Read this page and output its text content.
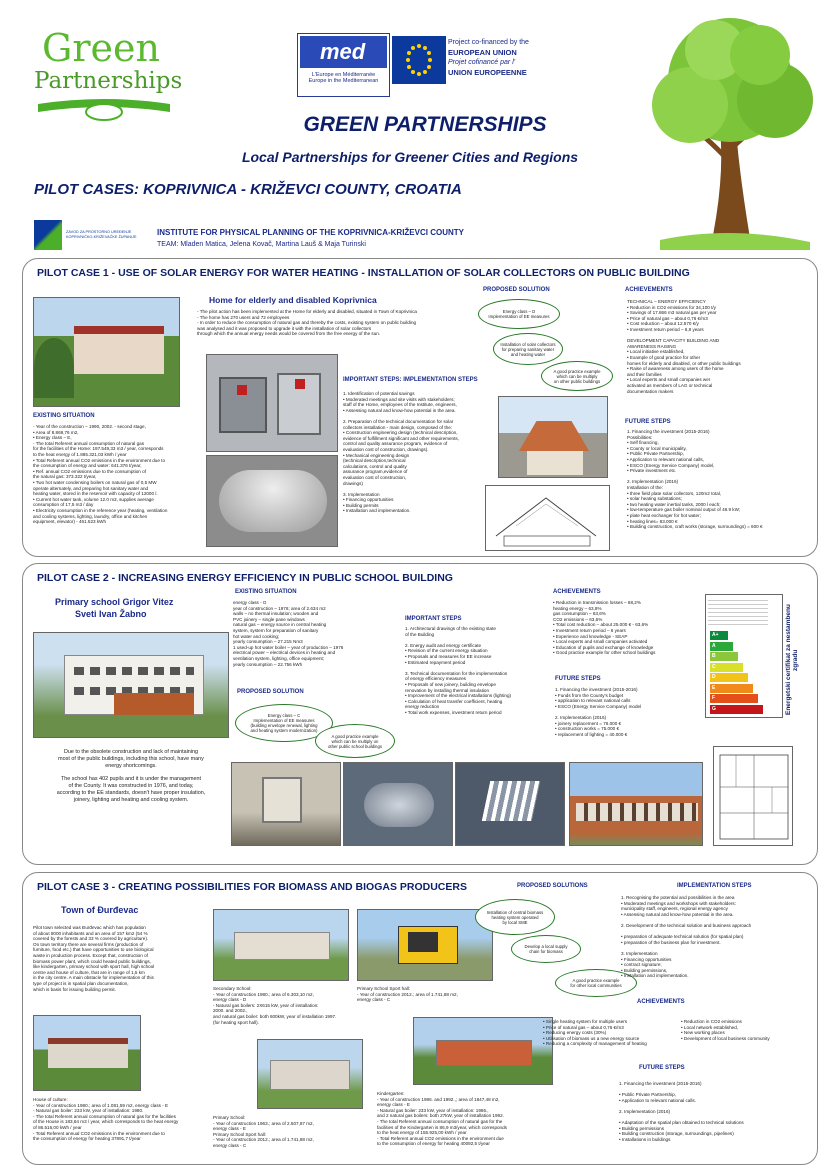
Green
Partnerships
med
L'Europe en Méditerranée
Europe in the Mediterranean
Project co-financed by the
EUROPEAN UNION
Projet cofinancé par l'
UNION EUROPEENNE
GREEN PARTNERSHIPS
Local Partnerships for Greener Cities and Regions
PILOT CASES: KOPRIVNICA - KRIŽEVCI COUNTY, CROATIA
ZAVOD ZA PROSTORNO UREĐENJE KOPRIVNIČKO-KRIŽEVAČKE ŽUPANIJE	INSTITUTE FOR PHYSICAL PLANNING OF THE KOPRIVNICA-KRIŽEVCI COUNTY
TEAM: Mladen Matica, Jelena Kovač, Martina Lauš & Maja Turinski
PILOT CASE 1 - USE OF SOLAR ENERGY FOR WATER HEATING - INSTALLATION OF SOLAR COLLECTORS ON PUBLIC BUILDING
EXISTING SITUATION
- Year of the construction – 1990, 2002. - second stage,
• Area of 8.869,76 m2,
• Energy class – E,
- The total Referent annual consumption of natural gas
for the facilities of the Home: 197.549,33 m3 / year, corresponds
to the heat energy of 1.885.321,03 kWh / year
• Total Referent annual CO2 emissions in the environment due to
the consumption of energy and water: 641.376 t/year,
• Ref. annual CO2 emissions due to the consumption of
the natural gas: 373.322 t/year,
• Two hot water condensing boilers on natural gas of 0,5 MW
operate alternately, and preparing hot sanitary water and
heating water, stored in the reservoir with capacity of 12000 l.
• Current hot water tank, volume 12.0 m3, supplies average
consumption of 17,5 m3 / day
• Electricity consumption in the reference year (heating, ventilation
and cooling systems, lighting, laundry, office and kitchen
equipment, elevator) - 461.523 kWh
Home for elderly and disabled Koprivnica
- The pilot action has been implemented at the Home for elderly and disabled, situated in Town of Koprivnica
- The home has 270 users and 72 employees
- In order to reduce the consumption of natural gas and thereby the costs, existing system on public building
was analysed and it was proposed to upgrade it with the installation of solar collectors
through which the annual energy needs would be covered from the free energy of the sun.
IMPORTANT STEPS: IMPLEMENTATION STEPS
1. Identification of potential savings
• Moderated meetings and site visits with stakeholders;
staff of the Home, employees of the Institute, engineers,
• Assessing natural and know-how potential in the area.

2. Preparation of the technical documentation for solar
collectors installation - main design, composed of the:
• Construction engineering design (technical description,
evidence of fulfillment significant and other requirements,
control and quality assurance program, evidence of
evaluation cost of construction, drawings).
• Mechanical engineering design
(technical description,technical
calculations, control and quality
assurance program,evidence of
evaluation cost of construction,
drawings)

3. Implementation
• Financing opportunities
• Building permits
• Installation and implementation.
PROPOSED SOLUTION
Energy class – D
Implementation of EE measures
Installation of solar collectors
for preparing sanitary water
and heating water
A good practice example
which can be multiply
on other public buildings
ACHIEVEMENTS
TECHNICAL – ENERGY EFFICIENCY
• Reduction in CO2 emissions for 34,100 t/y
• Savings of 17.866 m3 natural gas per year
• Price of natural gas – about 0,76 €/m3
• Cost reduction – about 12.570 €/y
• Investment return period – 6,8 years

DEVELOPMENT CAPACITY BUILDING AND
AWARENESS RAISING
• Local initiative established,
• Example of good practice for other
homes for elderly and disabled, or other public buildings
• Raise of awareness among users of the home
and their families
• Local experts and small companies wer
activated as members of LAG or technical
documentation makers
FUTURE STEPS
1. Financing the investment (2015-2016)
Possibilities:
• Self financing,
• County or local municipality,
• Public Private Partnership,
• Application to relevant national calls,
• ESCO (Energy Service Company) model,
• Private investment etc.

2. Implementation (2016)
Installation of the:
• three field plate solar collectors, 120m2 total,
• solar heating substations;
• two heating water inertial tanks, 2000 l each;
• low-temperature gas boiler nominal output of 48.9 kW;
• plate heat exchanger for hot water;
• heating lines= 83.000 €
• Building construction, craft works (storage, surroundings) = 600 €
PILOT CASE 2 - INCREASING ENERGY EFFICIENCY IN PUBLIC SCHOOL BUILDING
Primary school Grigor Vitez
Sveti Ivan Žabno
Due to the obsolete construction and lack of maintaining
most of the public buildings, including this school, have many
energy shortcomings.

The school has 402 pupils and it is under the management
of the County. It was constructed in 1976, and today,
according to the EE standards, doesn't have proper insulation,
joinery, lighting and heating and cooling system.
EXISTING SITUATION
energy class - G
year of construction – 1976; area of 2.634 m2
walls – no thermal insulation; wooden and
PVC joinery – single pane windows
natural gas – energy source in central heating
system, system for preparation of sanitary
hot water and cooking;
yearly consumption – 27.215 Nm3
1 used-up hot water boiler – year of production – 1976
electrical power – electrical devices in heating and
ventilation system, lighting, office equipment;
yearly consumption – 22.756 kWh
PROPOSED SOLUTION
Energy class – C
Implementation of EE measures
(building envelope renewal, lighting
and heating system modernization)
A good practice example
which can be multiply on
other public school buildings
IMPORTANT STEPS
1. Architectural drawings of the existing state
of the Building

2. Energy audit and energy certificate
• Revision of the current energy situation
• Proposals and measures for EE increase
• Estimated repayment period

3. Technical documentation for the implementation
of energy efficiency measures
• Proposals of new joinery, building envelope
renovation by installing thermal insulation
• Improvement of the electrical installations (lighting)
• Calculation of heat transfer coefficient, heating
energy reduction
• Total work expenses, investment return period
ACHIEVEMENTS
• Reduction in transmission losses – 68,2%
heating energy – 63,8%
gas consumption – 63,6%
CO2 emissions – 63,6%
• Total cost reduction – about 25.000 € - 63,6%
• Investment return period – 6 years
• Experience and knowledge - SEAP
• Local experts and small companies activated
• Education of pupils and exchange of knowledge
• Good practice example for other school buildings
FUTURE STEPS
1. Financing the investment (2015-2016)
• Funds from the County's budget
• application to relevant national calls
• ESCO (Energy Service Company) model

2. Implementation (2016)
• joinery replacement = 76.000 €
• construction works = 75.000 €
• replacement of lighting = 40.000 €
A+
A
B
C
D
E
F
G	Energetski certifikat za nestambenu zgradu
PILOT CASE 3 - CREATING POSSIBILITIES FOR BIOMASS AND BIOGAS PRODUCERS
Town of Đurđevac
Pilot town selected was Đurđevac which has population
of about 8000 inhabitants and an area of 157 km2 (54 %
covered by the forests and 33 % covered by agriculture).
On town territory there are several firms (production of
furniture, food etc.) that have opportunities to use biological
waste in production process. Except that, construction of
biomass power plant, which could heated public buildings,
like kindergarten, primary school with sport hall, high school
centre and house of culture, that are in range of 1,5 km
in the city centre. A main obstacle for implementation of this
type of project is in spatial plan documentation,
which is basis for issuing building permit.
House of culture:
- Year of construction 1980.; area of 1.081,59 m2, energy class - E
- Natural gas boiler: 233 kW, year of installation: 1980.
- The total Referent annual consumption of natural gas for the facilities
of the House is 183,64 m3 / year, which corresponds to the heat energy
of 86.516,00 kWh / year
- Total Referent annual CO2 emissions in the environment due to
the consumption of energy for heating 37891,7 t/year
Secondary School:
- Year of construction 1980.; area of 6.303,10 m2,
energy class - D
- Natural gas boilers: 2X615 kW, year of installation:
2000. and 2002.,
and natural gas boiler: both 600kW, year of installation 1997.
(for heating sport hall).
Primary School Sport hall:
- Year of construction 2012.; area of 1.741,88 m2,
energy class - C
Primary School:
- Year of construction 1963.; area of 2.507,87 m2,
energy class - E
Primary School Sport hall:
- Year of construction 2012.; area of 1.741,88 m2,
energy class - C
Kindergarten:
- Year of construction 1986. and 1992.,; area of 1847,48 m2,
energy class - E
- Natural gas boiler: 233 kW, year of installation: 1986.,
and 2 natural gas boilers: both 27kW, year of installation 1992.
- The total Referent annual consumption of natural gas for the
facilities of the Kindergarten is 86,9 m3/year, which corresponds
to the heat energy of 155.925,00 kWh / year
- Total Referent annual CO2 emissions in the environment due
to the consumption of energy for heating 40092,5 t/year
PROPOSED SOLUTIONS
Installation of central biomass
heating system operated
by local SME
Develop a local supply
chain for biomass
A good practice example
for other local communities
IMPLEMENTATION STEPS
1. Recognising the potential and possibilities in the area
• Moderated meetings and workshops with stakeholders:
municipality staff, engineers, regional energy agency
• Assessing natural and know-how potential in the area.

2. Development of the technical solution and business approach

• preparation of adequate technical solution (for spatial plan)
• preparation of the business plan for investment.

3. Implementation
• Financing opportunities
• contract signature;
• Building permissions,
• Installation and implementation.
ACHIEVEMENTS
• Single heating system for multiple users
• Price of natural gas – about 0,76 €/m3
• Reducing energy costs (30%)
• Utilisation of biomass us a new energy source
• Reducing a complexity of management of heating
• Reduction in CO2 emissions
• Local network established,
• New working places
• Development of local business community
FUTURE STEPS
1. Financing the investment (2015-2016)

• Public Private Partnership,
• Application to relevant national calls.

2. Implementation (2016)

• Adaptation of the spatial plan obtained to technical solutions
• Building permissions
• Building construction (storage, surroundings, pipelines)
• Installations in buildings
